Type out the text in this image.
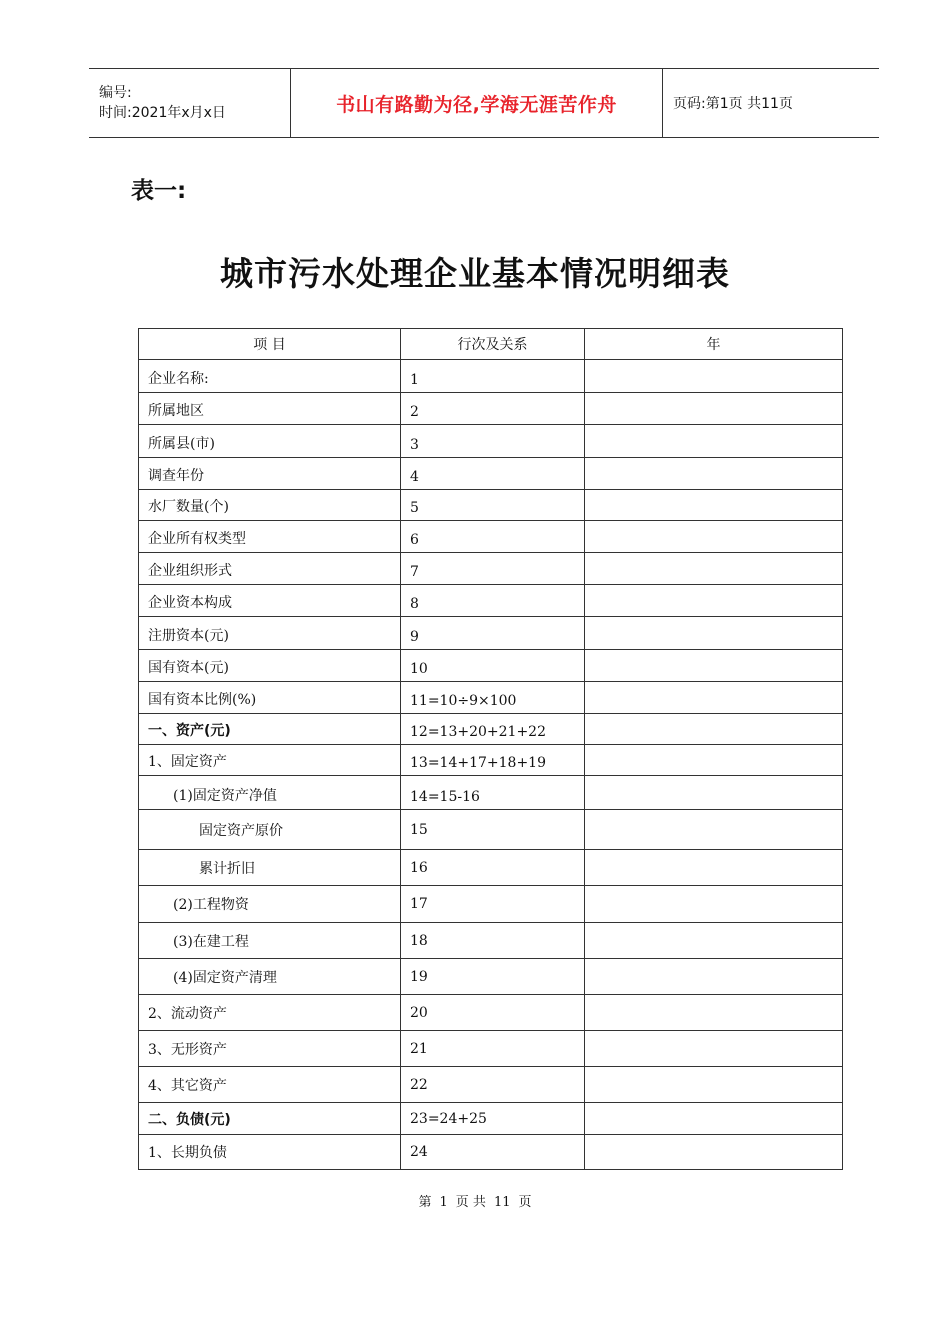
编号:
时间:2021年x月x日	书山有路勤为径,学海无涯苦作舟	页码:第1页 共11页
表一:
城市污水处理企业基本情况明细表
项 目	行次及关系	年
企业名称:	1	
所属地区	2	
所属县(市)	3	
调查年份	4	
水厂数量(个)	5	
企业所有权类型	6	
企业组织形式	7	
企业资本构成	8	
注册资本(元)	9	
国有资本(元)	10	
国有资本比例(%)	11=10÷9×100	
一、资产(元)	12=13+20+21+22	
1、固定资产	13=14+17+18+19	
(1)固定资产净值	14=15-16	
固定资产原价	15	
累计折旧	16	
(2)工程物资	17	
(3)在建工程	18	
(4)固定资产清理	19	
2、流动资产	20	
3、无形资产	21	
4、其它资产	22	
二、负债(元)	23=24+25	
1、长期负债	24	
第 1 页 共 11 页
